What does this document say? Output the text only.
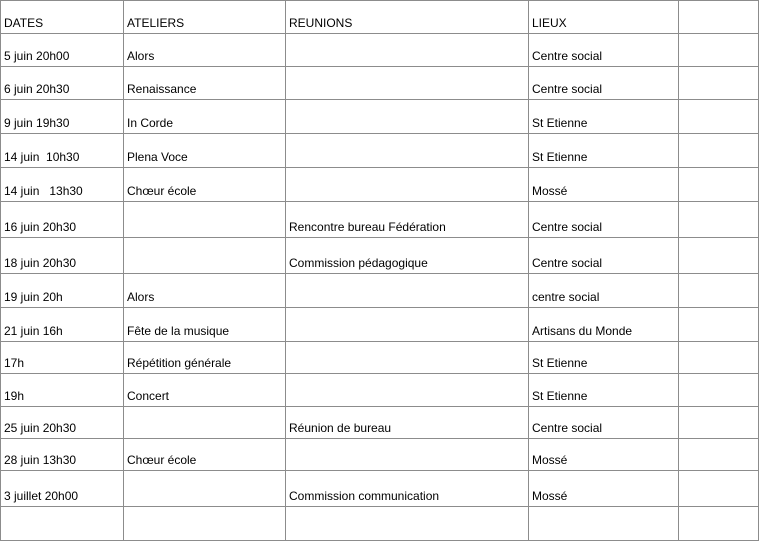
DATES	ATELIERS	REUNIONS	LIEUX	
5 juin 20h00	Alors		Centre social	
6 juin 20h30	Renaissance		Centre social	
9 juin 19h30	In Corde		St Etienne	
14 juin  10h30	Plena Voce		St Etienne	
14 juin   13h30	Chœur école		Mossé	
16 juin 20h30		Rencontre bureau Fédération	Centre social	
18 juin 20h30		Commission pédagogique	Centre social	
19 juin 20h	Alors		centre social	
21 juin 16h	Fête de la musique		Artisans du Monde	
17h	Répétition générale		St Etienne	
19h	Concert		St Etienne	
25 juin 20h30		Réunion de bureau	Centre social	
28 juin 13h30	Chœur école		Mossé	
3 juillet 20h00		Commission communication	Mossé	
